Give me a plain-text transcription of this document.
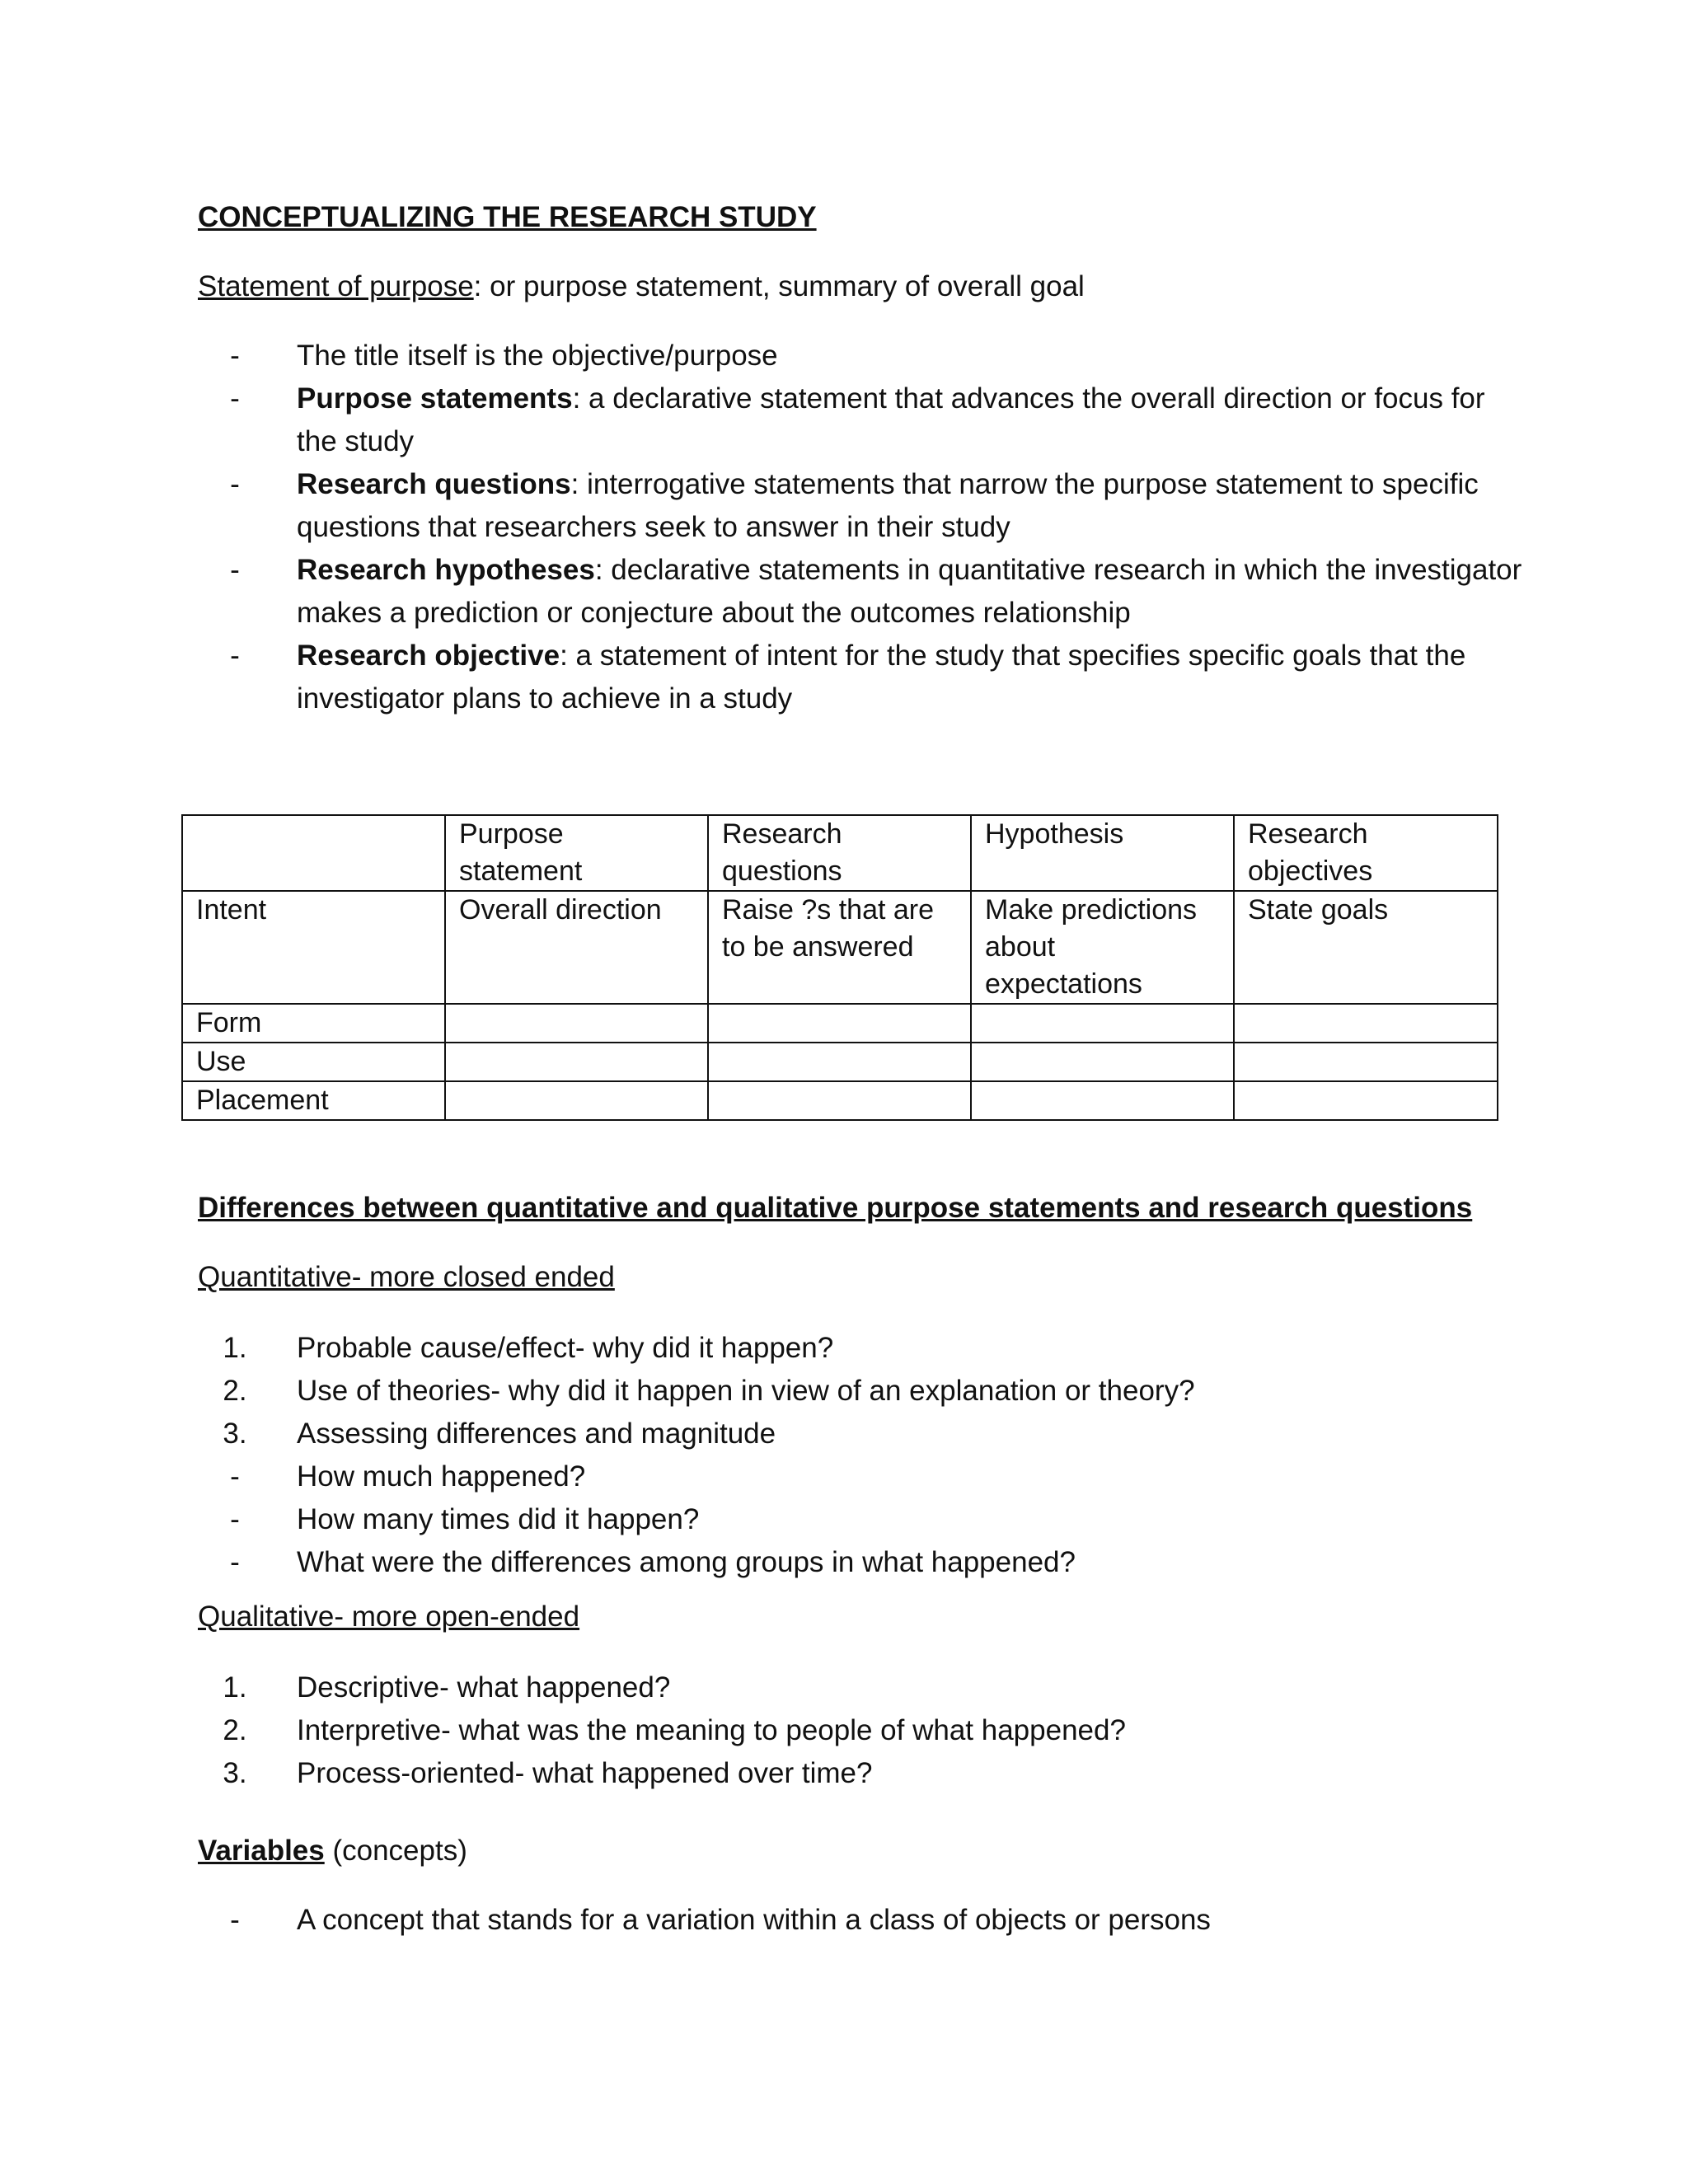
CONCEPTUALIZING THE RESEARCH STUDY
Statement of purpose: or purpose statement, summary of overall goal
-	The title itself is the objective/purpose
-	Purpose statements: a declarative statement that advances the overall direction or focus for the study
-	Research questions: interrogative statements that narrow the purpose statement to specific questions that researchers seek to answer in their study
-	Research hypotheses: declarative statements in quantitative research in which the investigator makes a prediction or conjecture about the outcomes relationship
-	Research objective: a statement of intent for the study that specifies specific goals that the investigator plans to achieve in a study
	Purpose statement	Research questions	Hypothesis	Research objectives
Intent	Overall direction	Raise ?s that are to be answered	Make predictions about expectations	State goals
Form				
Use				
Placement				
Differences between quantitative and qualitative purpose statements and research questions
Quantitative- more closed ended
1.	Probable cause/effect- why did it happen?
2.	Use of theories- why did it happen in view of an explanation or theory?
3.	Assessing differences and magnitude
-	How much happened?
-	How many times did it happen?
-	What were the differences among groups in what happened?
Qualitative- more open-ended
1.	Descriptive- what happened?
2.	Interpretive- what was the meaning to people of what happened?
3.	Process-oriented- what happened over time?
Variables (concepts)
-	A concept that stands for a variation within a class of objects or persons
